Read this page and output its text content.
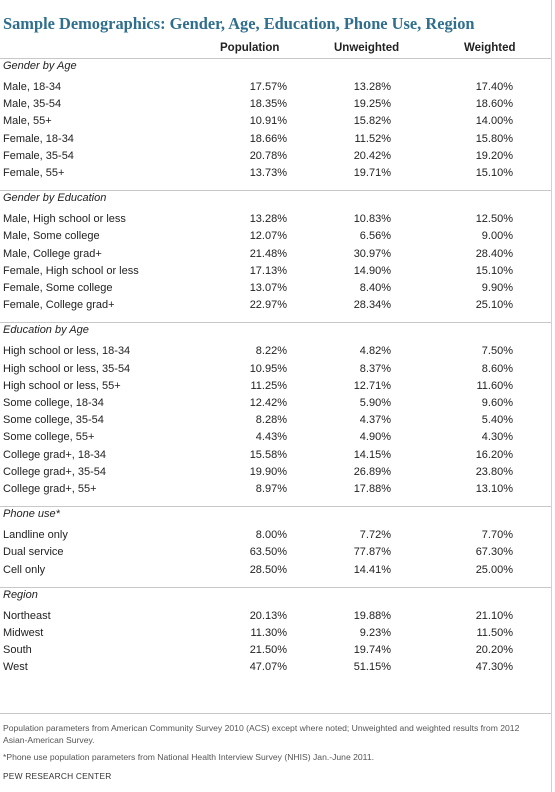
Sample Demographics: Gender, Age, Education, Phone Use, Region
Population	Unweighted	Weighted
Gender by Age
Male, 18-34	17.57%	13.28%	17.40%
Male, 35-54	18.35%	19.25%	18.60%
Male, 55+	10.91%	15.82%	14.00%
Female, 18-34	18.66%	11.52%	15.80%
Female, 35-54	20.78%	20.42%	19.20%
Female, 55+	13.73%	19.71%	15.10%
Gender by Education
Male, High school or less	13.28%	10.83%	12.50%
Male, Some college	12.07%	6.56%	9.00%
Male, College grad+	21.48%	30.97%	28.40%
Female, High school or less	17.13%	14.90%	15.10%
Female, Some college	13.07%	8.40%	9.90%
Female, College grad+	22.97%	28.34%	25.10%
Education by Age
High school or less, 18-34	8.22%	4.82%	7.50%
High school or less, 35-54	10.95%	8.37%	8.60%
High school or less, 55+	11.25%	12.71%	11.60%
Some college, 18-34	12.42%	5.90%	9.60%
Some college, 35-54	8.28%	4.37%	5.40%
Some college, 55+	4.43%	4.90%	4.30%
College grad+, 18-34	15.58%	14.15%	16.20%
College grad+, 35-54	19.90%	26.89%	23.80%
College grad+, 55+	8.97%	17.88%	13.10%
Phone use*
Landline only	8.00%	7.72%	7.70%
Dual service	63.50%	77.87%	67.30%
Cell only	28.50%	14.41%	25.00%
Region
Northeast	20.13%	19.88%	21.10%
Midwest	11.30%	9.23%	11.50%
South	21.50%	19.74%	20.20%
West	47.07%	51.15%	47.30%
Population parameters from American Community Survey 2010 (ACS) except where noted; Unweighted and weighted results from 2012 Asian-American Survey.
*Phone use population parameters from National Health Interview Survey (NHIS) Jan.-June 2011.
PEW RESEARCH CENTER
